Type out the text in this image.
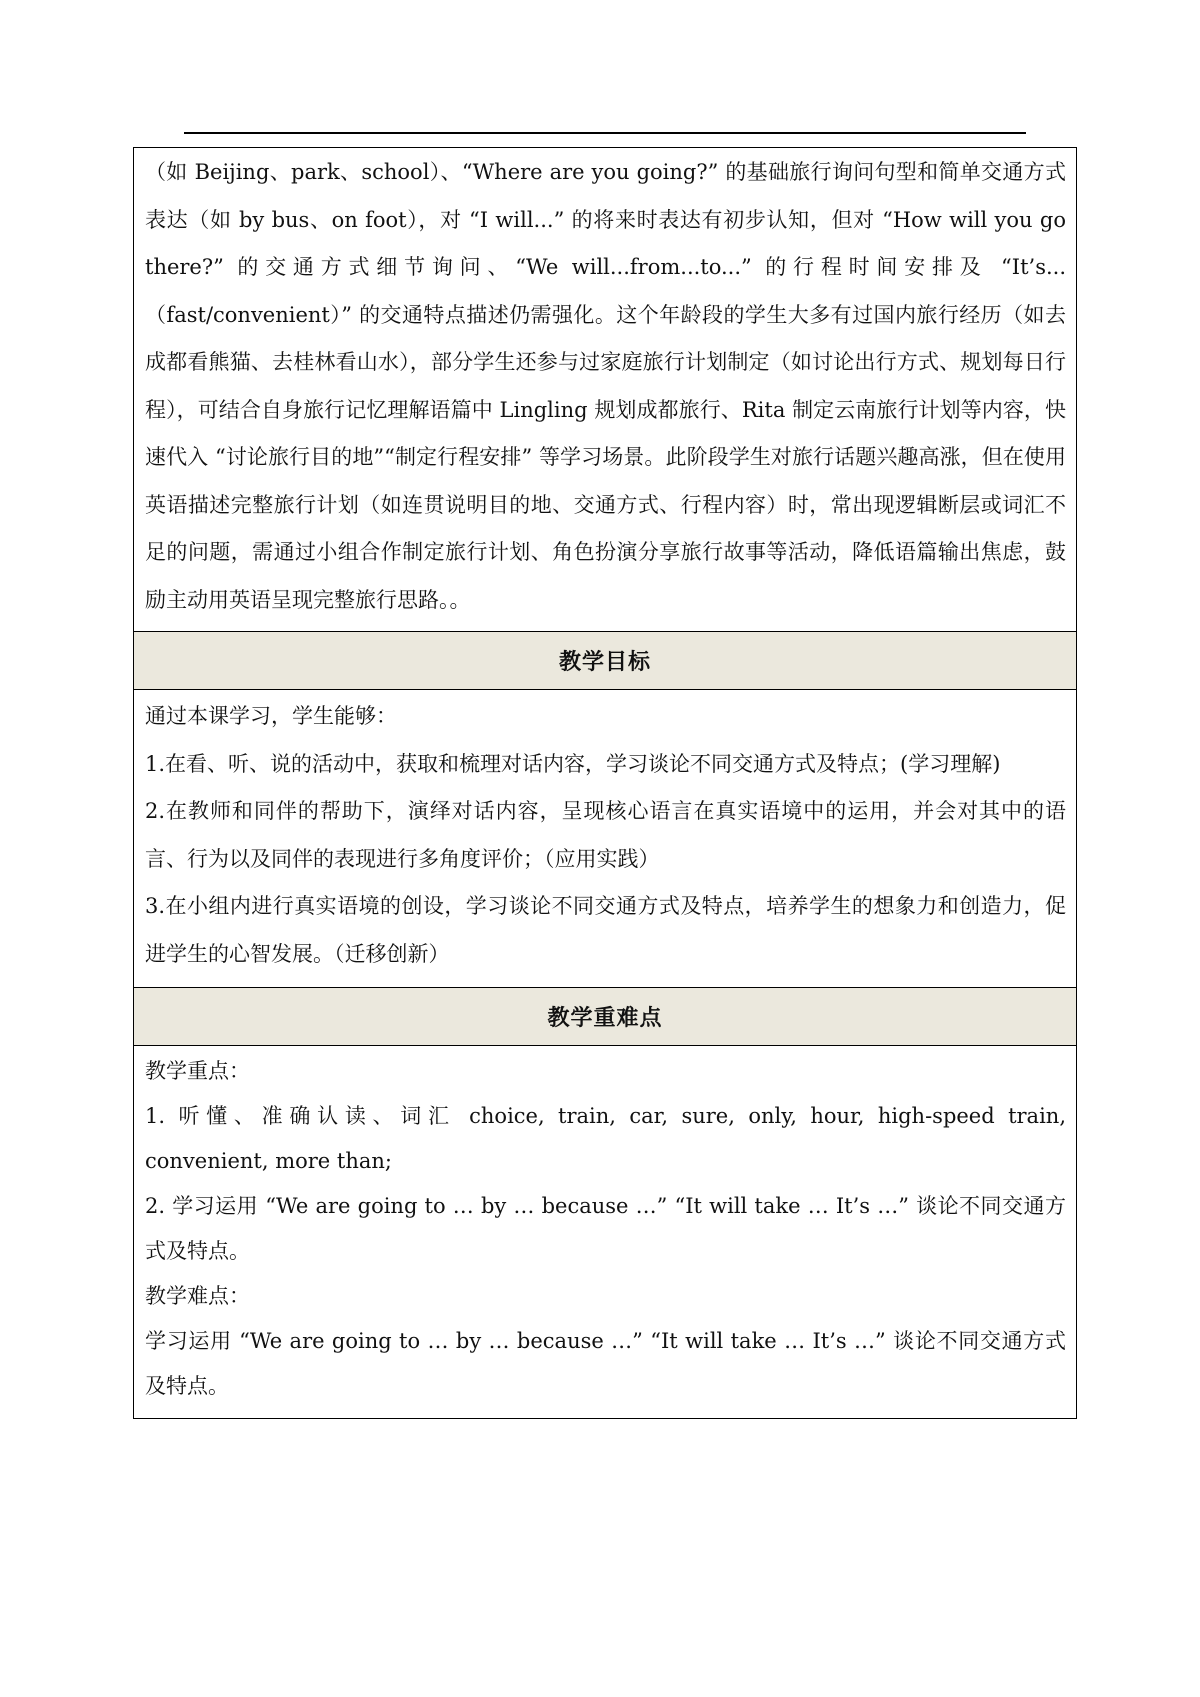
（如 Beijing、park、school）、“Where are you going?” 的基础旅行询问句型和简单交通方式表达（如 by bus、on foot），对 “I will...” 的将来时表达有初步认知，但对 “How will you go there?” 的交通方式细节询问、“We will...from...to...” 的行程时间安排及 “It’s...（fast/convenient）” 的交通特点描述仍需强化。这个年龄段的学生大多有过国内旅行经历（如去成都看熊猫、去桂林看山水），部分学生还参与过家庭旅行计划制定（如讨论出行方式、规划每日行程），可结合自身旅行记忆理解语篇中 Lingling 规划成都旅行、Rita 制定云南旅行计划等内容，快速代入 “讨论旅行目的地”“制定行程安排” 等学习场景。此阶段学生对旅行话题兴趣高涨，但在使用英语描述完整旅行计划（如连贯说明目的地、交通方式、行程内容）时，常出现逻辑断层或词汇不足的问题，需通过小组合作制定旅行计划、角色扮演分享旅行故事等活动，降低语篇输出焦虑，鼓励主动用英语呈现完整旅行思路。。
教学目标
通过本课学习，学生能够：
1.在看、听、说的活动中，获取和梳理对话内容，学习谈论不同交通方式及特点；(学习理解)
2.在教师和同伴的帮助下，演绎对话内容，呈现核心语言在真实语境中的运用，并会对其中的语言、行为以及同伴的表现进行多角度评价；（应用实践）
3.在小组内进行真实语境的创设，学习谈论不同交通方式及特点，培养学生的想象力和创造力，促进学生的心智发展。（迁移创新）
教学重难点
教学重点：
1. 听懂、准确认读、词汇 choice, train, car, sure, only, hour, high-speed train, convenient, more than;
2. 学习运用 “We are going to … by … because …” “It will take … It’s …” 谈论不同交通方式及特点。
教学难点：
学习运用 “We are going to … by … because …” “It will take … It’s …” 谈论不同交通方式及特点。
